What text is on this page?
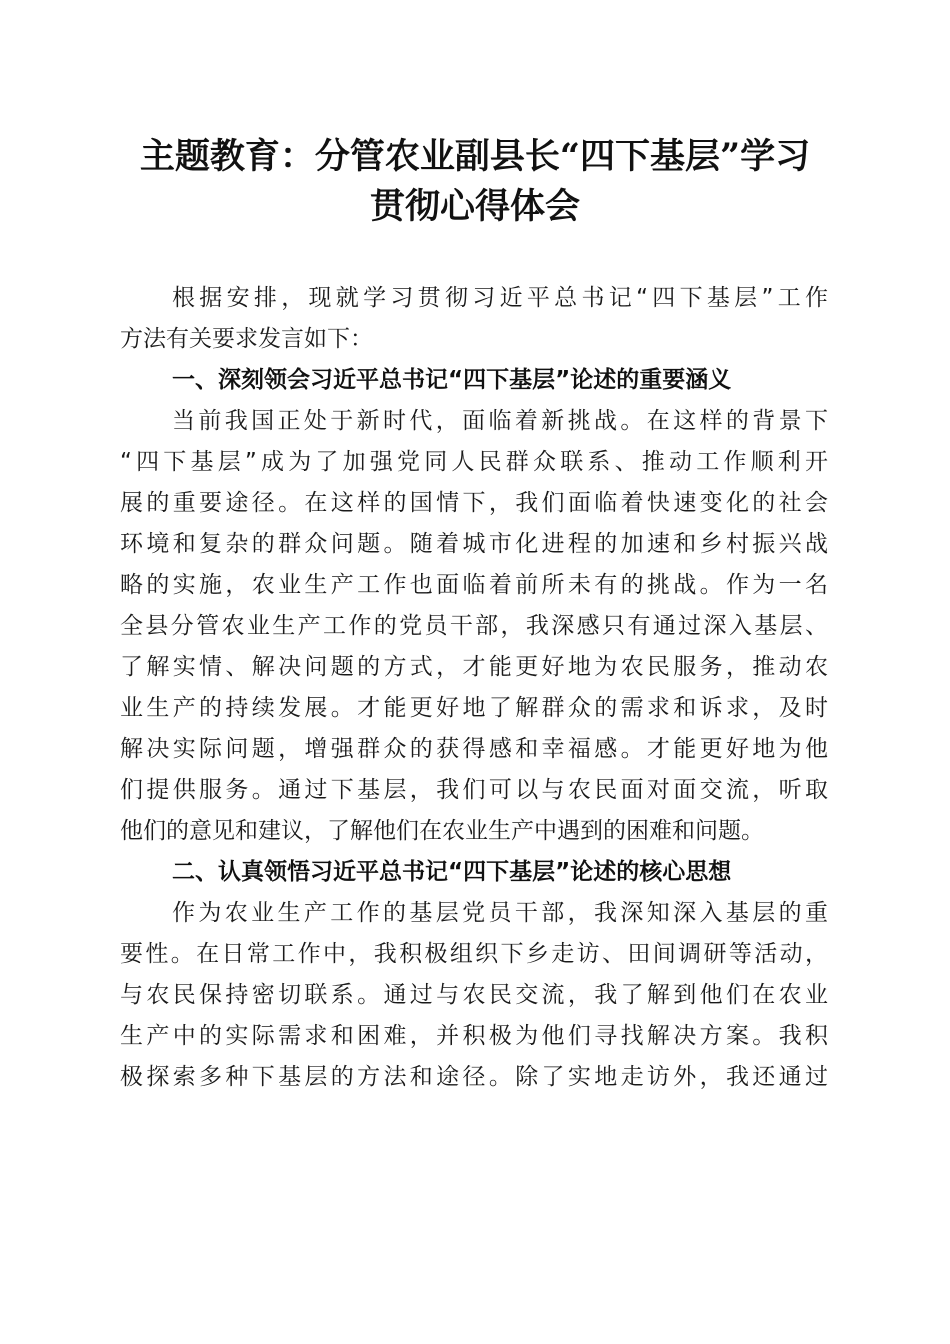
主题教育：分管农业副县长“四下基层”学习
贯彻心得体会
根据安排，现就学习贯彻习近平总书记“四下基层”工作
方法有关要求发言如下：
一、深刻领会习近平总书记“四下基层”论述的重要涵义
当前我国正处于新时代，面临着新挑战。在这样的背景下
“四下基层”成为了加强党同人民群众联系、推动工作顺利开
展的重要途径。在这样的国情下，我们面临着快速变化的社会
环境和复杂的群众问题。随着城市化进程的加速和乡村振兴战
略的实施，农业生产工作也面临着前所未有的挑战。作为一名
全县分管农业生产工作的党员干部，我深感只有通过深入基层、
了解实情、解决问题的方式，才能更好地为农民服务，推动农
业生产的持续发展。才能更好地了解群众的需求和诉求，及时
解决实际问题，增强群众的获得感和幸福感。才能更好地为他
们提供服务。通过下基层，我们可以与农民面对面交流，听取
他们的意见和建议，了解他们在农业生产中遇到的困难和问题。
二、认真领悟习近平总书记“四下基层”论述的核心思想
作为农业生产工作的基层党员干部，我深知深入基层的重
要性。在日常工作中，我积极组织下乡走访、田间调研等活动，
与农民保持密切联系。通过与农民交流，我了解到他们在农业
生产中的实际需求和困难，并积极为他们寻找解决方案。我积
极探索多种下基层的方法和途径。除了实地走访外，我还通过
